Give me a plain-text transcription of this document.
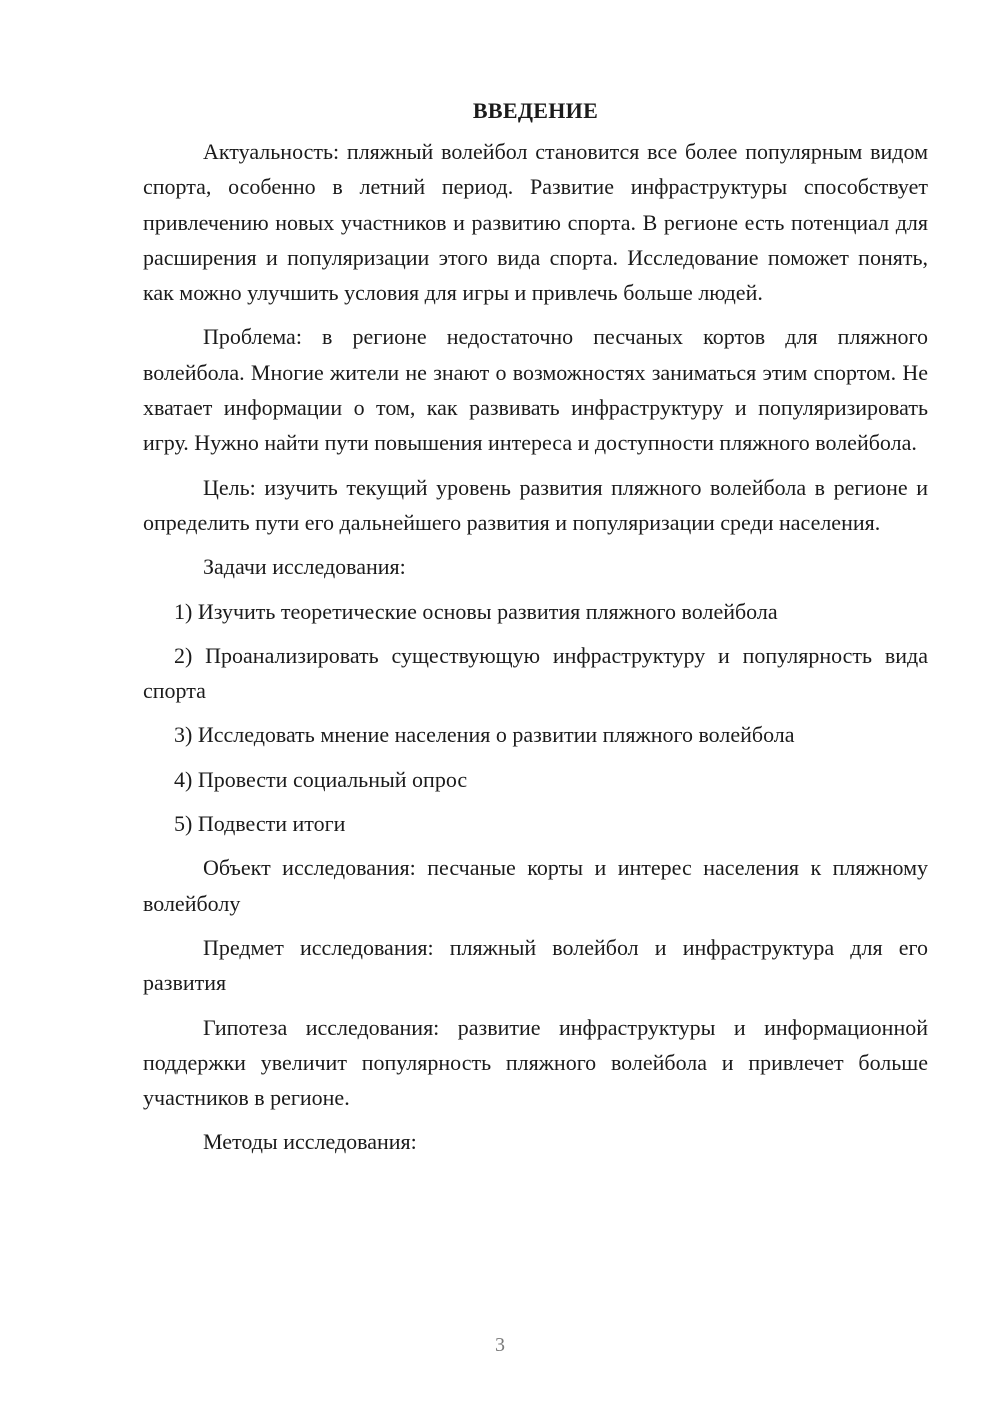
ВВЕДЕНИЕ

Актуальность: пляжный волейбол становится все более популярным видом спорта, особенно в летний период. Развитие инфраструктуры способствует привлечению новых участников и развитию спорта. В регионе есть потенциал для расширения и популяризации этого вида спорта. Исследование поможет понять, как можно улучшить условия для игры и привлечь больше людей.

Проблема: в регионе недостаточно песчаных кортов для пляжного волейбола. Многие жители не знают о возможностях заниматься этим спортом. Не хватает информации о том, как развивать инфраструктуру и популяризировать игру. Нужно найти пути повышения интереса и доступности пляжного волейбола.

Цель: изучить текущий уровень развития пляжного волейбола в регионе и определить пути его дальнейшего развития и популяризации среди населения.

Задачи исследования:

1) Изучить теоретические основы развития пляжного волейбола

2) Проанализировать существующую инфраструктуру и популярность вида спорта

3) Исследовать мнение населения о развитии пляжного волейбола

4) Провести социальный опрос

5) Подвести итоги

Объект исследования: песчаные корты и интерес населения к пляжному волейболу

Предмет исследования: пляжный волейбол и инфраструктура для его развития

Гипотеза исследования: развитие инфраструктуры и информационной поддержки увеличит популярность пляжного волейбола и привлечет больше участников в регионе.

Методы исследования:

3
